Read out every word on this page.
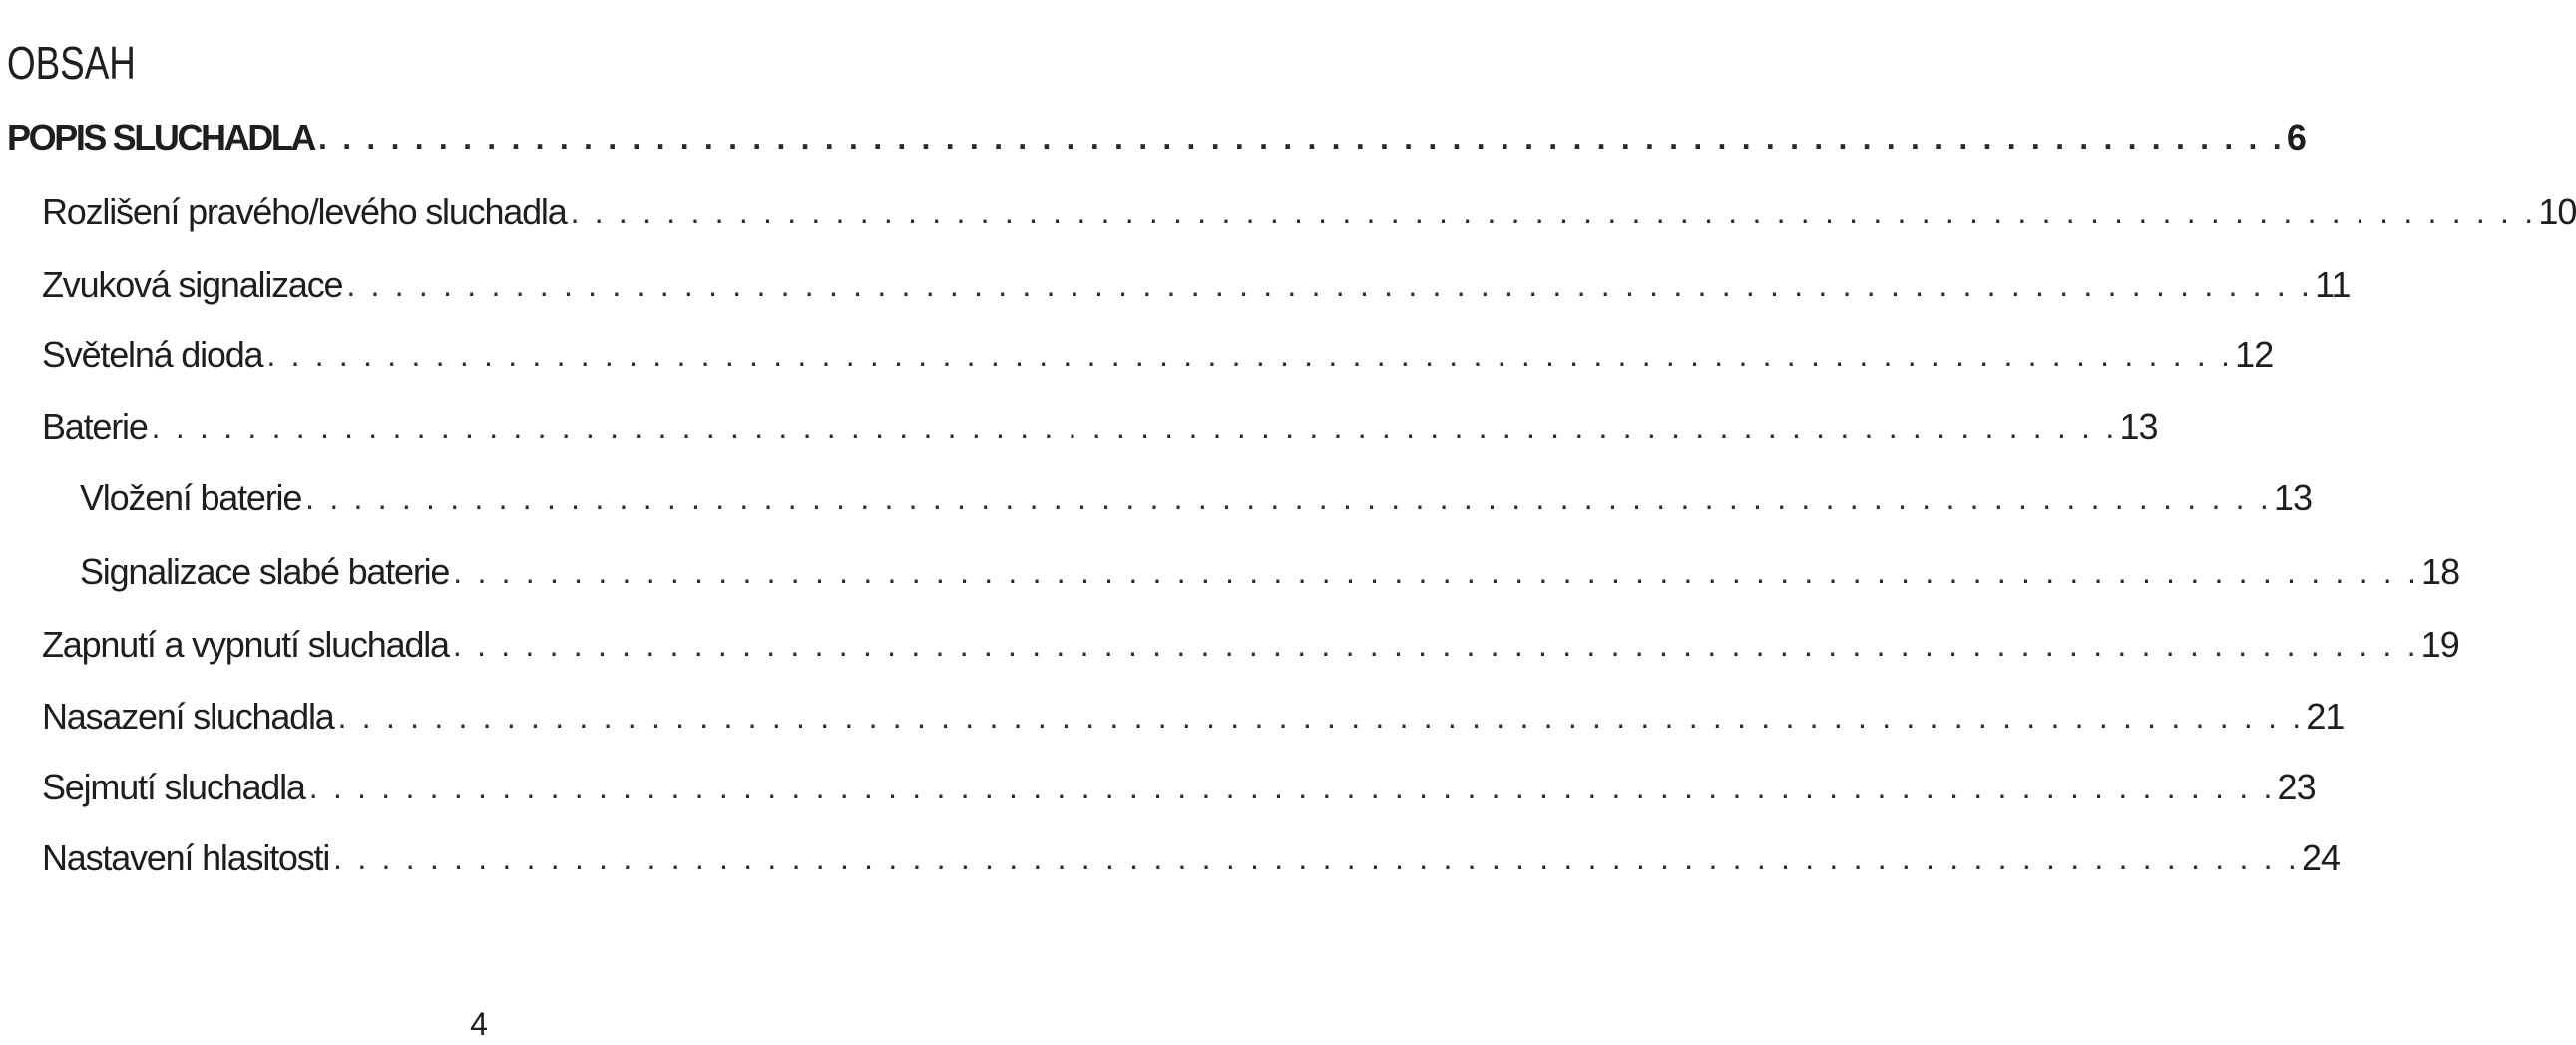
OBSAH
POPIS SLUCHADLA . . . . . . . . . . . . . . . . . . . . . . . . . . . . . . . . . . . . . . . . . . . . . . . . . . . . . . . . . . . . . . . . . . . . . . . . . . . . . . . . . . 6
Rozlišení pravého/levého sluchadla . . . . . . . . . . . . . . . . . . . . . . . . . . . . . . . . . . . . . . . . . . . . . . . . . . . . . . . . . . . . . . . . . . . . . . . . . . . . . . . . . . 10
Zvuková signalizace . . . . . . . . . . . . . . . . . . . . . . . . . . . . . . . . . . . . . . . . . . . . . . . . . . . . . . . . . . . . . . . . . . . . . . . . . . . . . . . . . . 11
Světelná dioda . . . . . . . . . . . . . . . . . . . . . . . . . . . . . . . . . . . . . . . . . . . . . . . . . . . . . . . . . . . . . . . . . . . . . . . . . . . . . . . . . . 12
Baterie . . . . . . . . . . . . . . . . . . . . . . . . . . . . . . . . . . . . . . . . . . . . . . . . . . . . . . . . . . . . . . . . . . . . . . . . . . . . . . . . . . 13
Vložení baterie . . . . . . . . . . . . . . . . . . . . . . . . . . . . . . . . . . . . . . . . . . . . . . . . . . . . . . . . . . . . . . . . . . . . . . . . . . . . . . . . . . 13
Signalizace slabé baterie . . . . . . . . . . . . . . . . . . . . . . . . . . . . . . . . . . . . . . . . . . . . . . . . . . . . . . . . . . . . . . . . . . . . . . . . . . . . . . . . . . 18
Zapnutí a vypnutí sluchadla . . . . . . . . . . . . . . . . . . . . . . . . . . . . . . . . . . . . . . . . . . . . . . . . . . . . . . . . . . . . . . . . . . . . . . . . . . . . . . . . . . 19
Nasazení sluchadla . . . . . . . . . . . . . . . . . . . . . . . . . . . . . . . . . . . . . . . . . . . . . . . . . . . . . . . . . . . . . . . . . . . . . . . . . . . . . . . . . . 21
Sejmutí sluchadla . . . . . . . . . . . . . . . . . . . . . . . . . . . . . . . . . . . . . . . . . . . . . . . . . . . . . . . . . . . . . . . . . . . . . . . . . . . . . . . . . . 23
Nastavení hlasitosti . . . . . . . . . . . . . . . . . . . . . . . . . . . . . . . . . . . . . . . . . . . . . . . . . . . . . . . . . . . . . . . . . . . . . . . . . . . . . . . . . . 24
4
